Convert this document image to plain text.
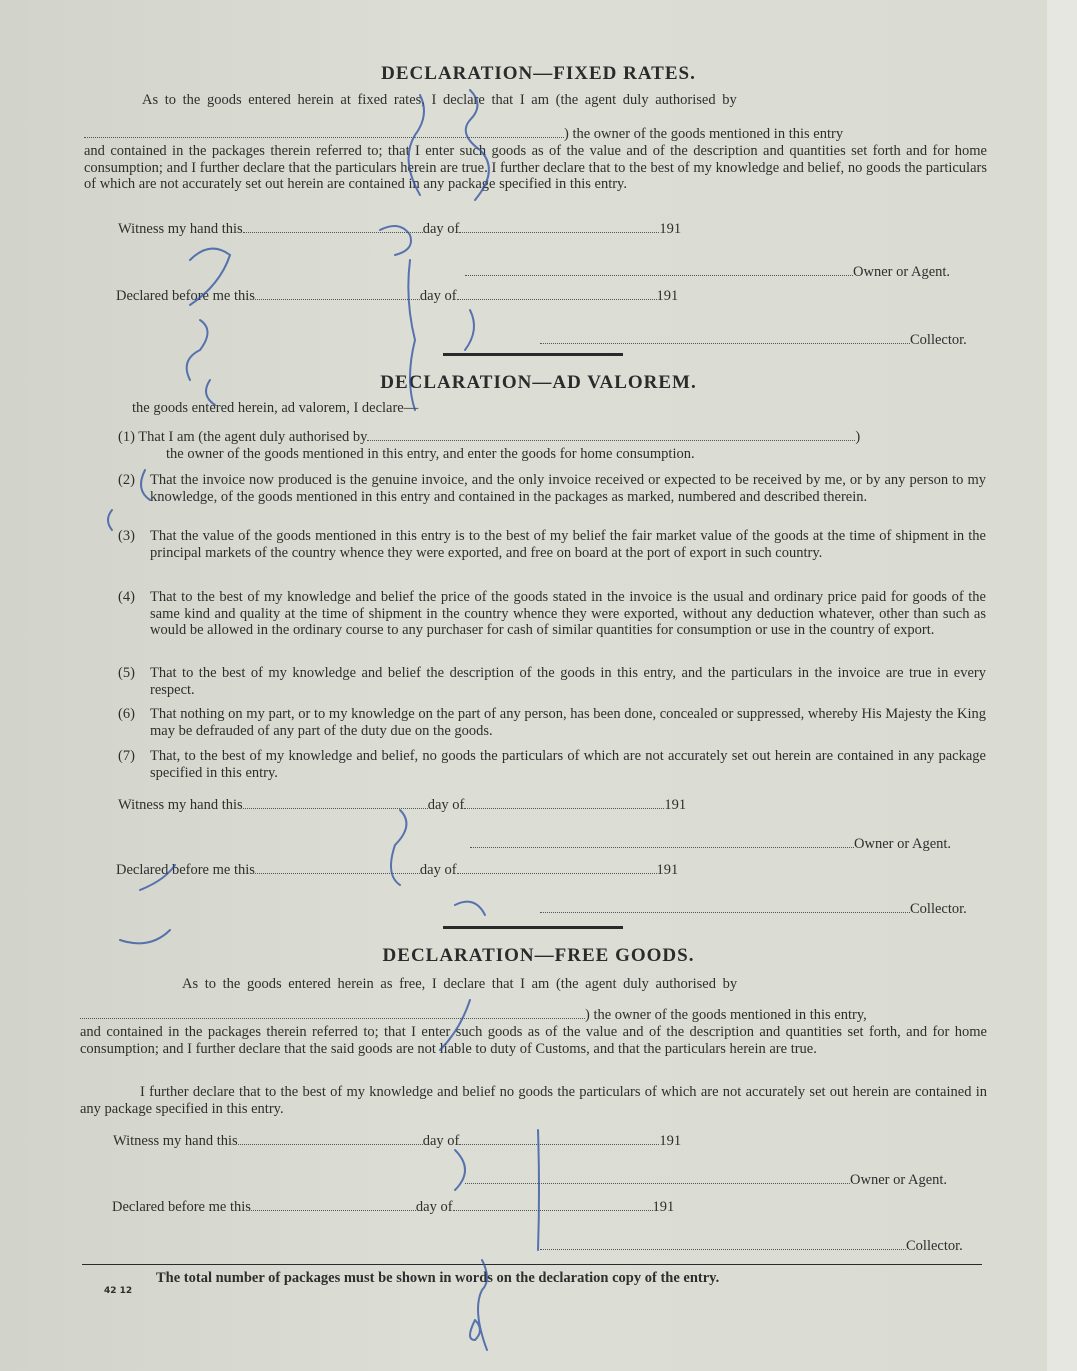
DECLARATION—FIXED RATES.
As to the goods entered herein at fixed rates, I declare that I am (the agent duly authorised by
) the owner of the goods mentioned in this entry
and contained in the packages therein referred to; that I enter such goods as of the value and of the description and quantities set forth and for home consumption; and I further declare that the particulars herein are true. I further declare that to the best of my knowledge and belief, no goods the particulars of which are not accurately set out herein are contained in any package specified in this entry.
Witness my hand this	day of	191
Owner or Agent.
Declared before me this	day of	191
Collector.
DECLARATION—AD VALOREM.
the goods entered herein, ad valorem, I declare—
(1) That I am (the agent duly authorised by	)
the owner of the goods mentioned in this entry, and enter the goods for home consumption.
(2)	That the invoice now produced is the genuine invoice, and the only invoice received or expected to be received by me, or by any person to my knowledge, of the goods mentioned in this entry and contained in the packages as marked, numbered and described therein.
(3)	That the value of the goods mentioned in this entry is to the best of my belief the fair market value of the goods at the time of shipment in the principal markets of the country whence they were exported, and free on board at the port of export in such country.
(4)	That to the best of my knowledge and belief the price of the goods stated in the invoice is the usual and ordinary price paid for goods of the same kind and quality at the time of shipment in the country whence they were exported, without any deduction whatever, other than such as would be allowed in the ordinary course to any purchaser for cash of similar quantities for consumption or use in the country of export.
(5)	That to the best of my knowledge and belief the description of the goods in this entry, and the particulars in the invoice are true in every respect.
(6)	That nothing on my part, or to my knowledge on the part of any person, has been done, concealed or suppressed, whereby His Majesty the King may be defrauded of any part of the duty due on the goods.
(7)	That, to the best of my knowledge and belief, no goods the particulars of which are not accurately set out herein are contained in any package specified in this entry.
Witness my hand this	day of	191
Owner or Agent.
Declared before me this	day of	191
Collector.
DECLARATION—FREE GOODS.
As to the goods entered herein as free, I declare that I am (the agent duly authorised by
) the owner of the goods mentioned in this entry,
and contained in the packages therein referred to; that I enter such goods as of the value and of the description and quantities set forth, and for home consumption; and I further declare that the said goods are not liable to duty of Customs, and that the particulars herein are true.
I further declare that to the best of my knowledge and belief no goods the particulars of which are not accurately set out herein are contained in any package specified in this entry.
Witness my hand this	day of	191
Owner or Agent.
Declared before me this	day of	191
Collector.
The total number of packages must be shown in words on the declaration copy of the entry.
42 12
